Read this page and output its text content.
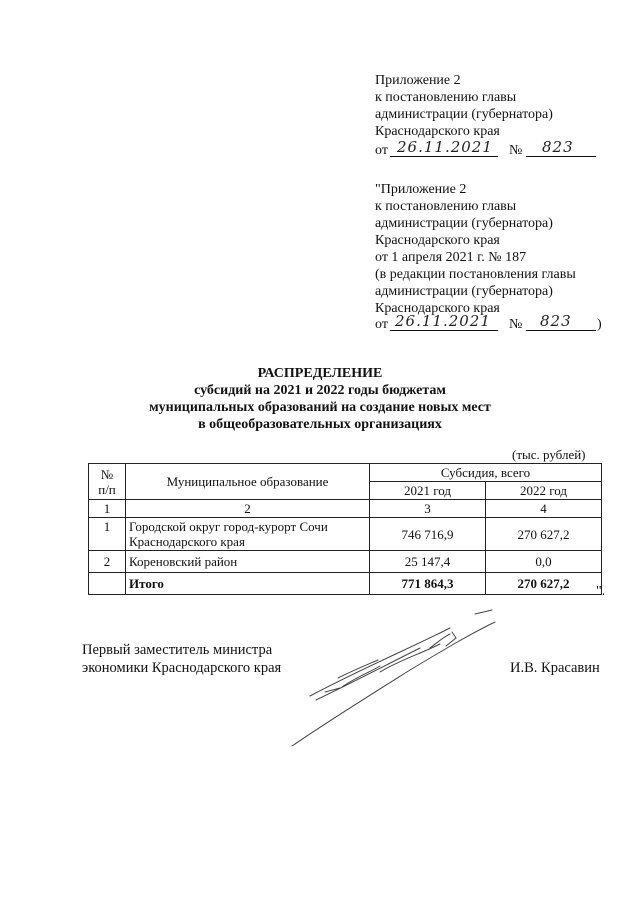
Приложение 2
к постановлению главы
администрации (губернатора)
Краснодарского края
от 26.11.2021 № 823
"Приложение 2
к постановлению главы
администрации (губернатора)
Краснодарского края
от 1 апреля 2021 г. № 187
(в редакции постановления главы
администрации (губернатора)
Краснодарского края
от 26.11.2021 № 823 )
РАСПРЕДЕЛЕНИЕ
субсидий на 2021 и 2022 годы бюджетам
муниципальных образований на создание новых мест
в общеобразовательных организациях
(тыс. рублей)
№
п/п	Муниципальное образование	Субсидия, всего	
		2021 год	2022 год
1	2	3	4
1	Городской округ город-курорт Сочи Краснодарского края	746 716,9	270 627,2
2	Кореновский район	25 147,4	0,0
	Итого	771 864,3	270 627,2
".
Первый заместитель министра
экономики Краснодарского края	И.В. Красавин
